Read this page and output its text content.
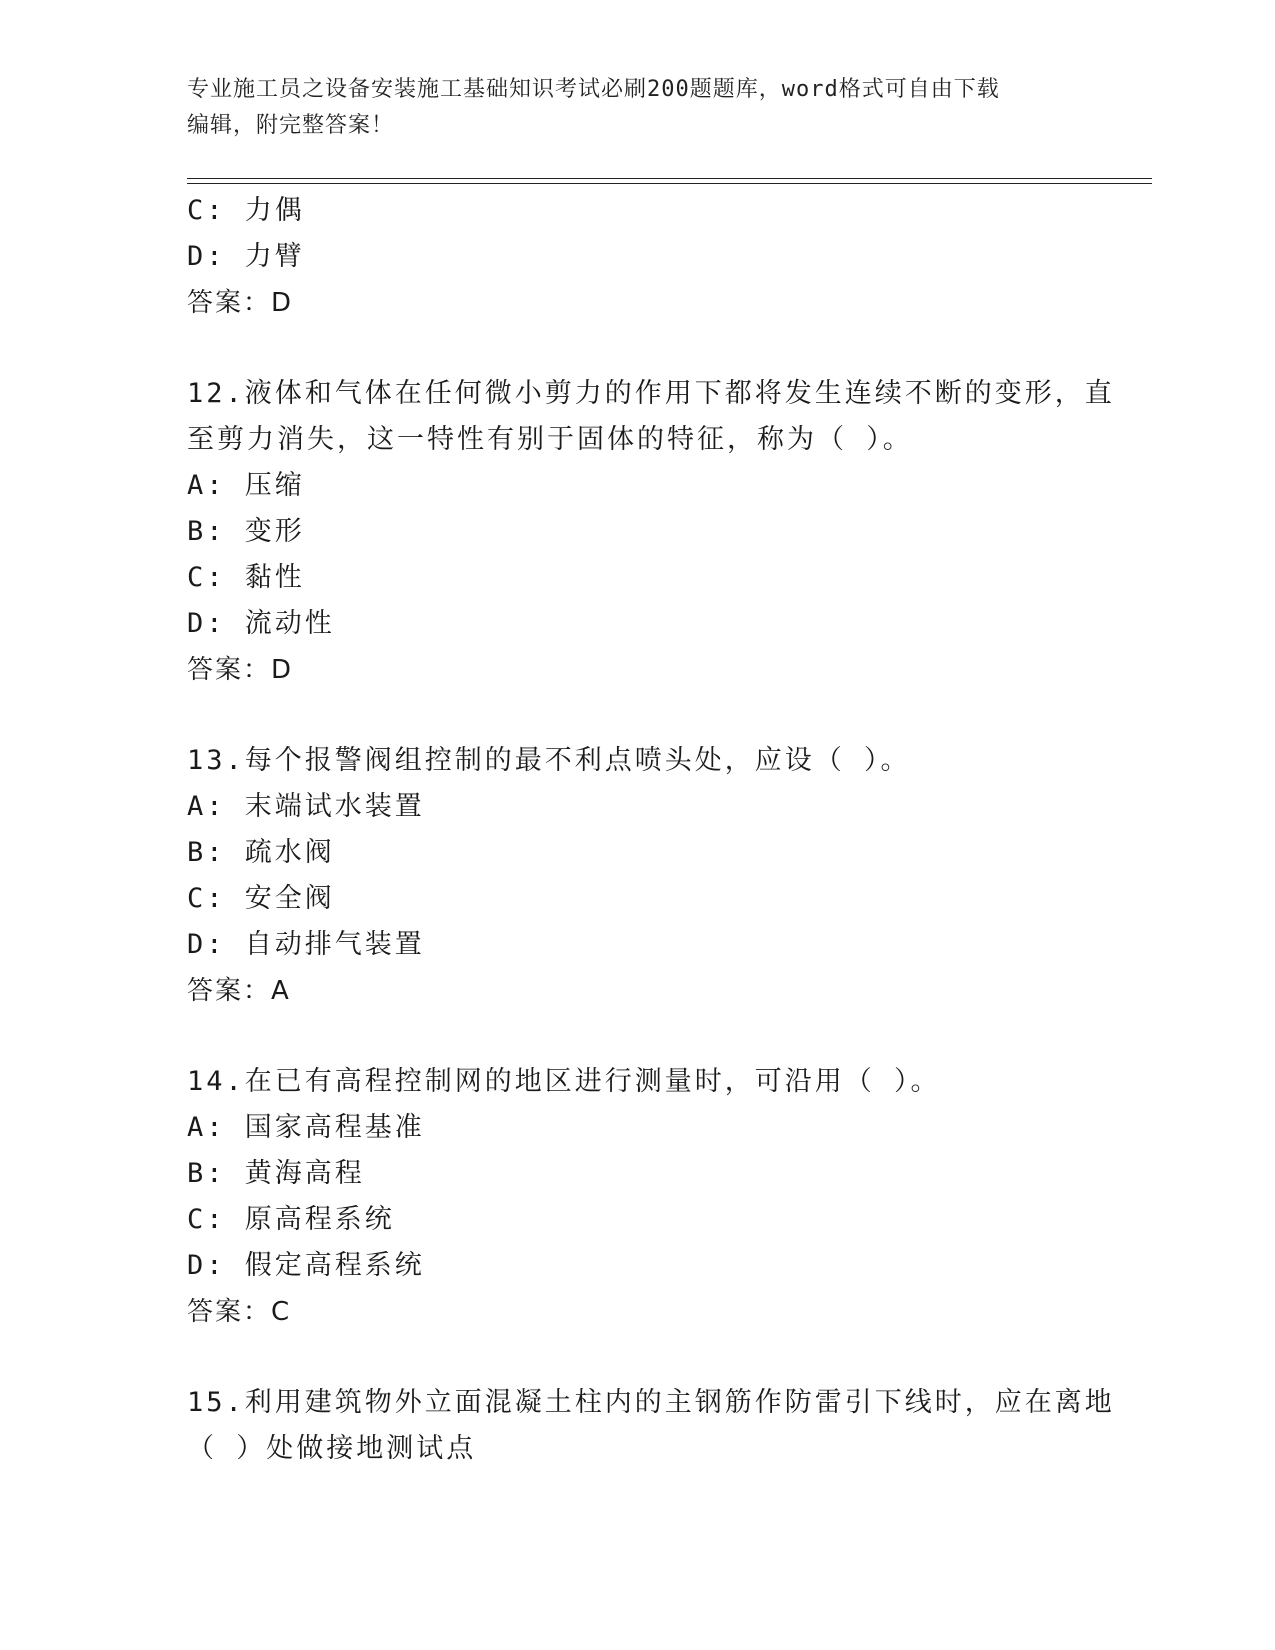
专业施工员之设备安装施工基础知识考试必刷200题题库，word格式可自由下载
编辑，附完整答案！
C: 力偶
D: 力臂
答案：D
12.液体和气体在任何微小剪力的作用下都将发生连续不断的变形，直
至剪力消失，这一特性有别于固体的特征，称为（ ）。
A: 压缩
B: 变形
C: 黏性
D: 流动性
答案：D
13.每个报警阀组控制的最不利点喷头处，应设（ ）。
A: 末端试水装置
B: 疏水阀
C: 安全阀
D: 自动排气装置
答案：A
14.在已有高程控制网的地区进行测量时，可沿用（ ）。
A: 国家高程基准
B: 黄海高程
C: 原高程系统
D: 假定高程系统
答案：C
15.利用建筑物外立面混凝土柱内的主钢筋作防雷引下线时，应在离地
（ ）处做接地测试点
